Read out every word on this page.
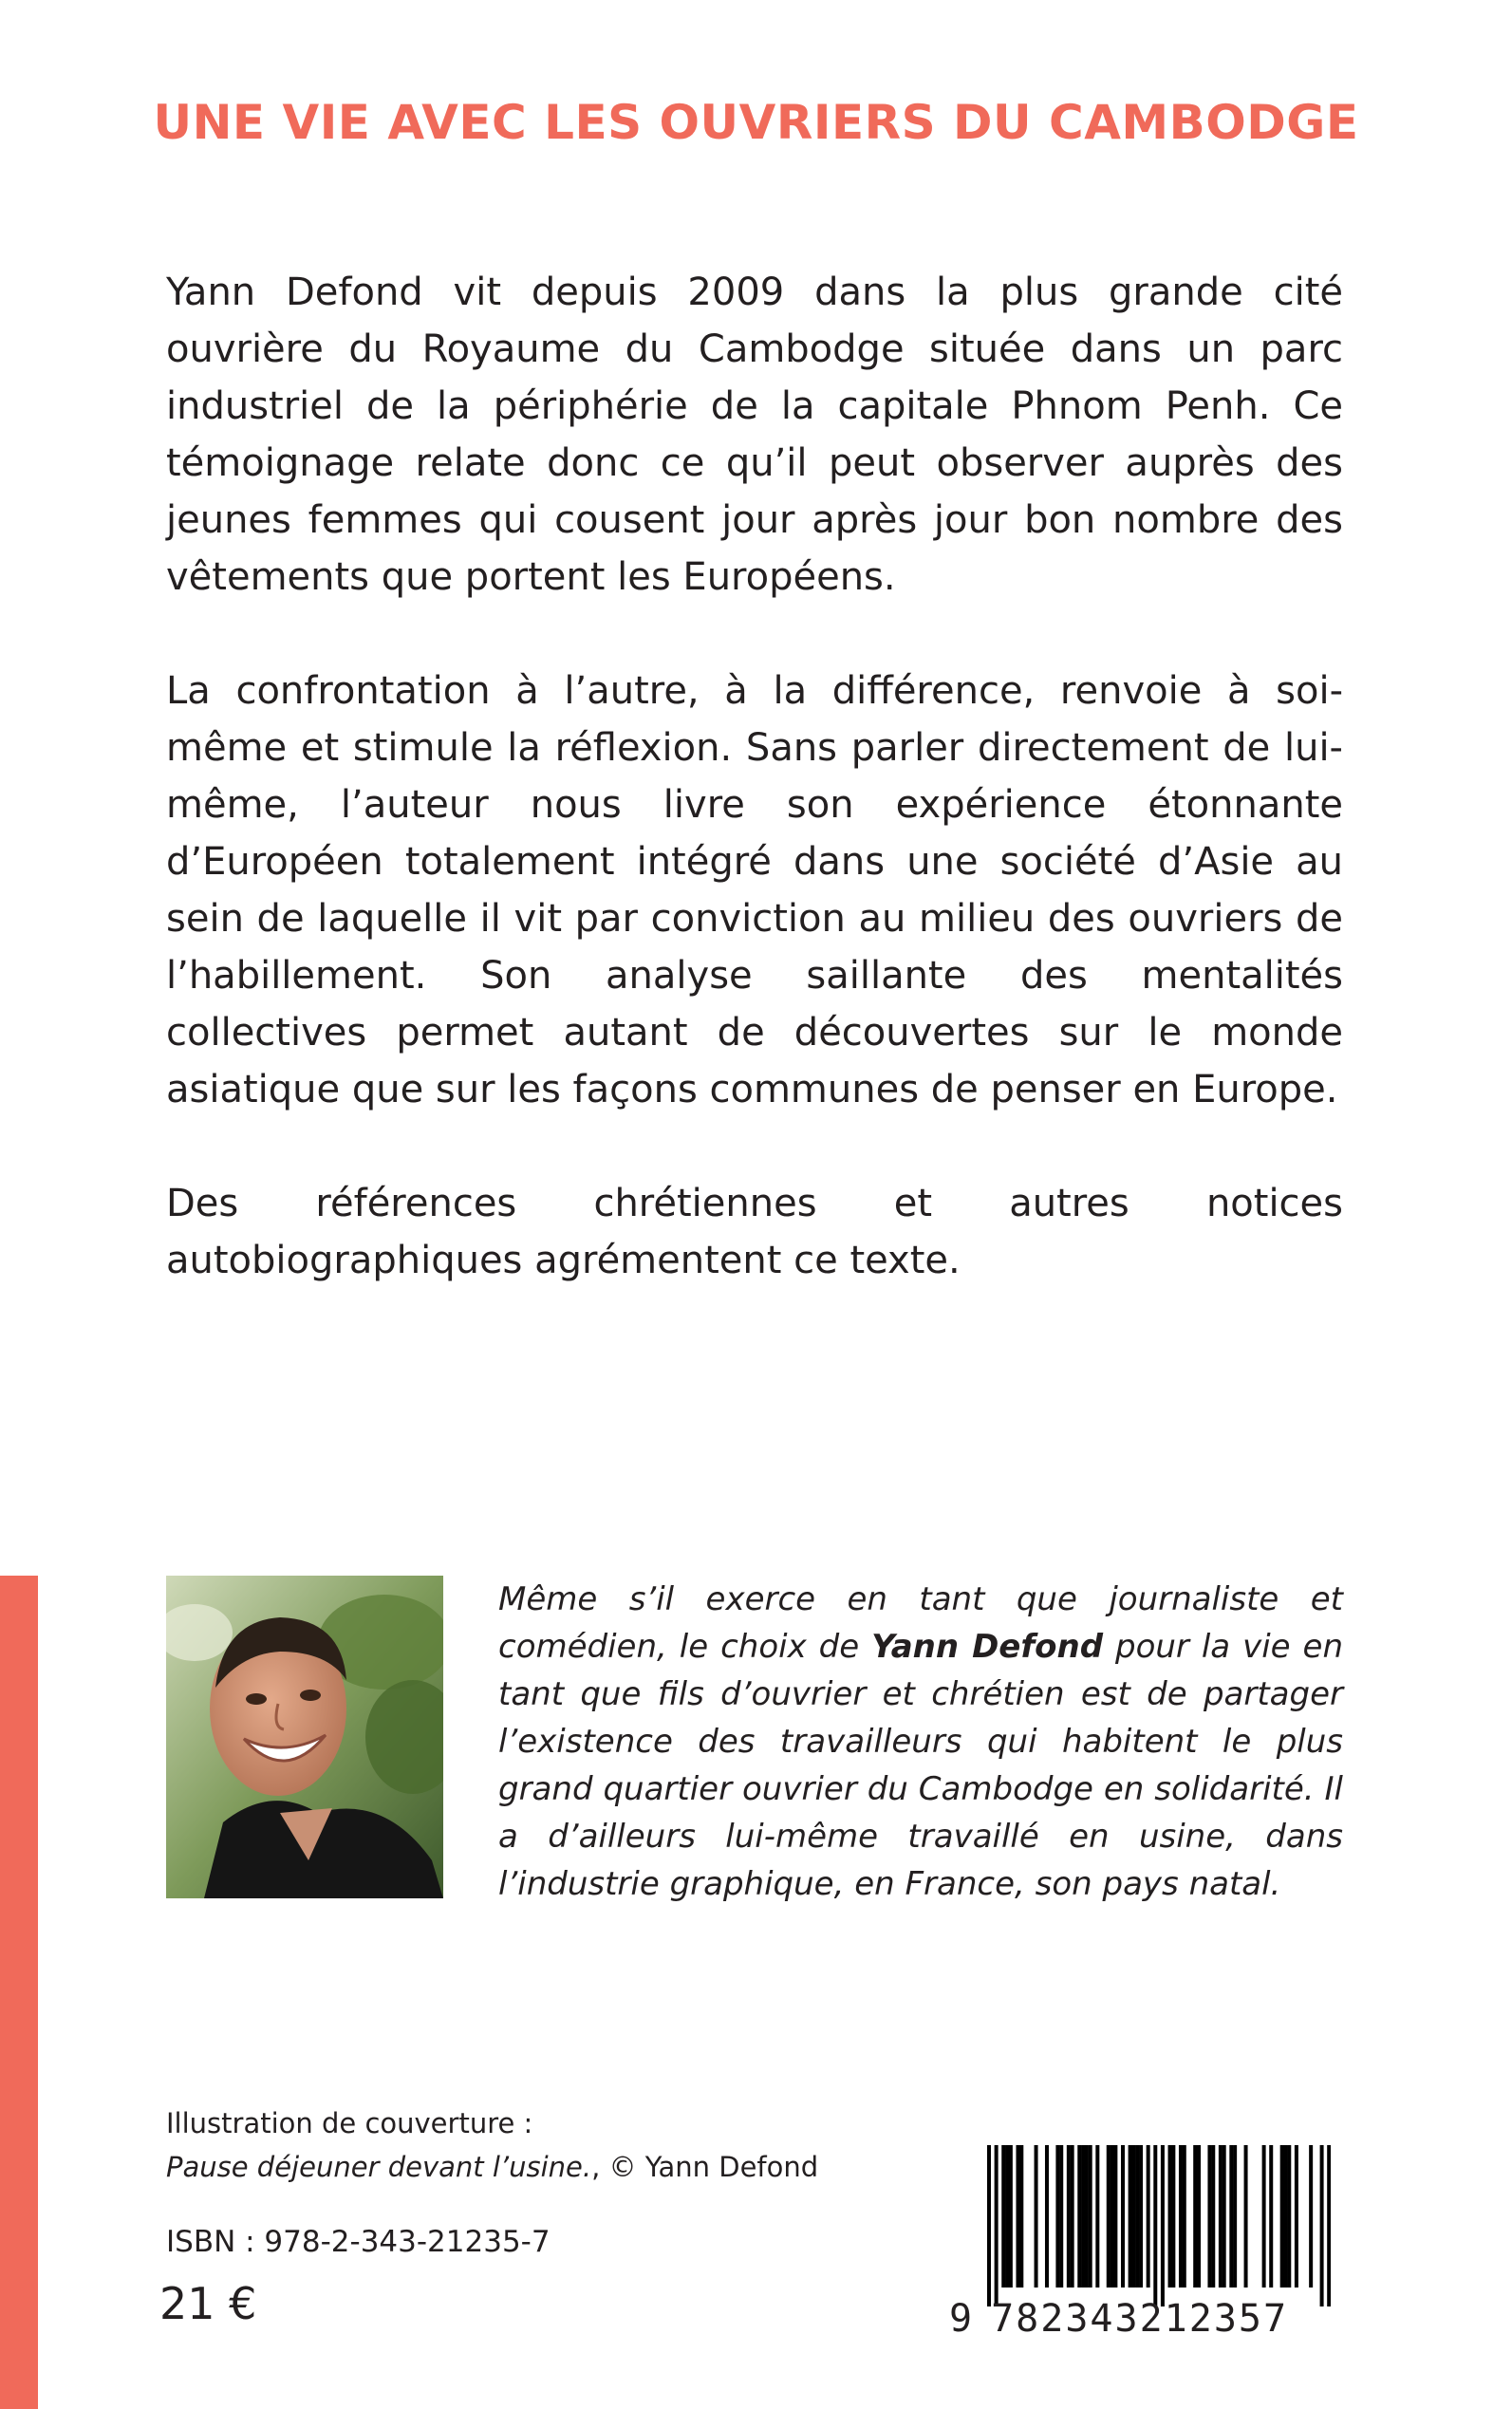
UNE VIE AVEC LES OUVRIERS DU CAMBODGE

Yann Defond vit depuis 2009 dans la plus grande cité ouvrière du Royaume du Cambodge située dans un parc industriel de la périphérie de la capitale Phnom Penh. Ce témoignage relate donc ce qu’il peut observer auprès des jeunes femmes qui cousent jour après jour bon nombre des vêtements que portent les Européens.

La confrontation à l’autre, à la différence, renvoie à soi-même et stimule la réflexion. Sans parler directement de lui-même, l’auteur nous livre son expérience étonnante d’Européen totalement intégré dans une société d’Asie au sein de laquelle il vit par conviction au milieu des ouvriers de l’habillement. Son analyse saillante des mentalités collectives permet autant de découvertes sur le monde asiatique que sur les façons communes de penser en Europe.

Des références chrétiennes et autres notices autobiographiques agrémentent ce texte.

Même s’il exerce en tant que journaliste et comédien, le choix de Yann Defond pour la vie en tant que fils d’ouvrier et chrétien est de partager l’existence des travailleurs qui habitent le plus grand quartier ouvrier du Cambodge en solidarité. Il a d’ailleurs lui-même travaillé en usine, dans l’industrie graphique, en France, son pays natal.

Illustration de couverture :
Pause déjeuner devant l’usine., © Yann Defond
ISBN : 978-2-343-21235-7
21 €	9 782343212357
